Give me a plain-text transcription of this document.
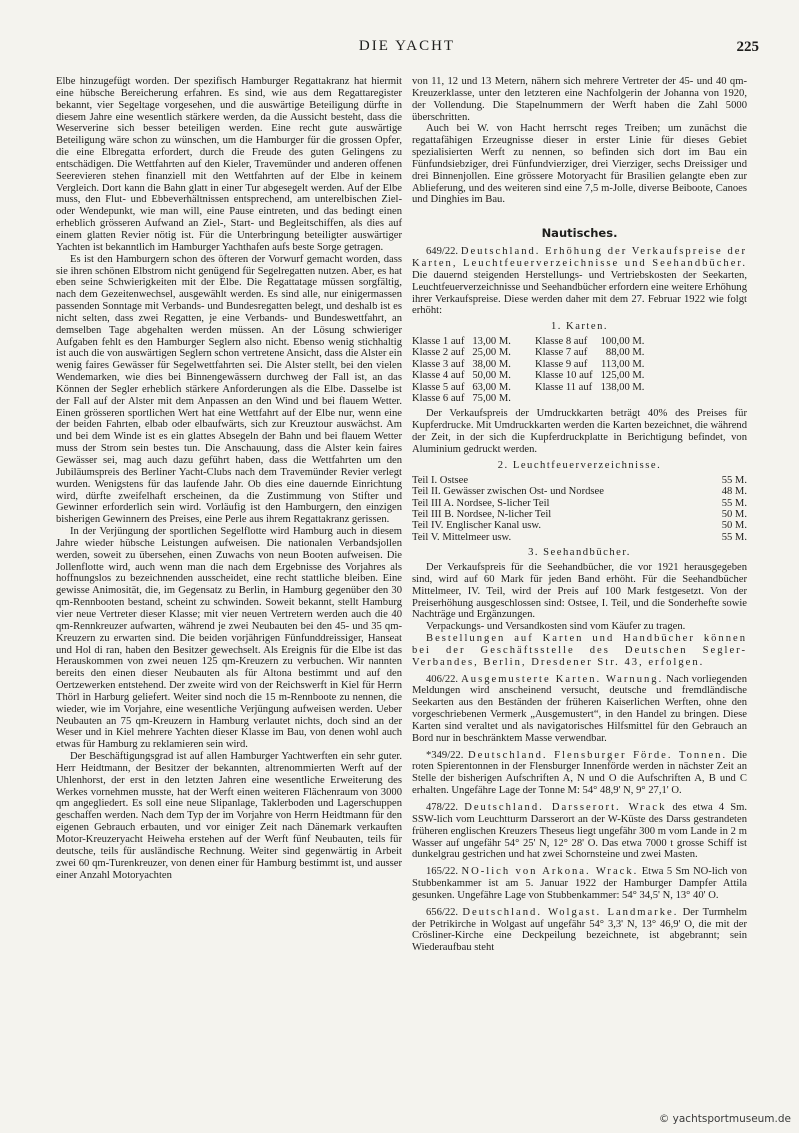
DIE YACHT	225

Elbe hinzugefügt worden. Der spezifisch Hamburger Regattakranz hat hiermit eine hübsche Bereicherung erfahren. Es sind, wie aus dem Regattaregister bekannt, vier Segeltage vorgesehen, und die auswärtige Beteiligung dürfte in diesem Jahre eine wesentlich stärkere werden, da die Aussicht besteht, dass die Weserverine sich besser beteiligen werden. Eine recht gute auswärtige Beteiligung wäre schon zu wünschen, um die Hamburger für die grossen Opfer, die eine Elbregatta erfordert, durch die Freude des guten Gelingens zu entschädigen. Die Wettfahrten auf den Kieler, Travemünder und anderen offenen Seerevieren stehen finanziell mit den Wettfahrten auf der Elbe in keinem Vergleich. Dort kann die Bahn glatt in einer Tur abgesegelt werden. Auf der Elbe muss, den Flut- und Ebbeverhältnissen entsprechend, am unterelbischen Ziel- oder Wendepunkt, wie man will, eine Pause eintreten, und das bedingt einen erheblich grösseren Aufwand an Ziel-, Start- und Begleitschiffen, als dies auf einem glatten Revier nötig ist. Für die Unterbringung beteiligter auswärtiger Yachten ist bekanntlich im Hamburger Yachthafen aufs beste Sorge getragen.

Es ist den Hamburgern schon des öfteren der Vorwurf gemacht worden, dass sie ihren schönen Elbstrom nicht genügend für Segelregatten nutzen. Aber, es hat eben seine Schwierigkeiten mit der Elbe. Die Regattatage müssen sorgfältig, nach dem Gezeitenwechsel, ausgewählt werden. Es sind alle, nur einigermassen passenden Sonntage mit Verbands- und Bundesregatten belegt, und deshalb ist es nicht selten, dass zwei Regatten, je eine Verbands- und Bundeswettfahrt, an demselben Tage abgehalten werden müssen. An der Lösung schwieriger Aufgaben fehlt es den Hamburger Seglern also nicht. Ebenso wenig stichhaltig ist auch die von auswärtigen Seglern schon vertretene Ansicht, dass die Alster ein wenig faires Gewässer für Segelwettfahrten sei. Die Alster stellt, bei den vielen Wendemarken, wie dies bei Binnengewässern durchweg der Fall ist, an das Können der Segler erheblich stärkere Anforderungen als die Elbe. Dasselbe ist der Fall auf der Alster mit dem Anpassen an den Wind und bei flauem Wetter. Einen grösseren sportlichen Wert hat eine Wettfahrt auf der Elbe nur, wenn eine der beiden Fahrten, elbab oder elbaufwärts, sich zur Kreuztour auswächst. Am und bei dem Winde ist es ein glattes Absegeln der Bahn und bei flauem Wetter muss der Strom sein bestes tun. Die Anschauung, dass die Alster kein faires Gewässer sei, mag auch dazu geführt haben, dass die Wettfahrten um den Jubiläumspreis des Berliner Yacht-Clubs nach dem Travemünder Revier verlegt wurden. Wenigstens für das laufende Jahr. Ob dies eine dauernde Einrichtung wird, dürfte zweifelhaft erscheinen, da die Zustimmung von Stifter und Gewinner erforderlich sein wird. Vorläufig ist den Hamburgern, den einzigen bisherigen Gewinnern des Preises, eine Perle aus ihrem Regattakranz gerissen.

In der Verjüngung der sportlichen Segelflotte wird Hamburg auch in diesem Jahre wieder hübsche Leistungen aufweisen. Die nationalen Verbandsjollen werden, soweit zu übersehen, einen Zuwachs von neun Booten aufweisen. Die Jollenflotte wird, auch wenn man die nach dem Ergebnisse des Vorjahres als hoffnungslos zu bezeichnenden ausscheidet, eine recht stattliche bleiben. Eine gewisse Animosität, die, im Gegensatz zu Berlin, in Hamburg gegenüber den 30 qm-Rennbooten bestand, scheint zu schwinden. Soweit bekannt, stellt Hamburg vier neue Vertreter dieser Klasse; mit vier neuen Vertretern werden auch die 40 qm-Rennkreuzer aufwarten, während je zwei Neubauten bei den 45- und 35 qm-Kreuzern zu erwarten sind. Die beiden vorjährigen Fünfunddreissiger, Hanseat und Hol di ran, haben den Besitzer gewechselt. Als Ereignis für die Elbe ist das Herauskommen von zwei neuen 125 qm-Kreuzern zu verbuchen. Wir nannten bereits den einen dieser Neubauten als für Altona bestimmt und auf den Oertzewerken entstehend. Der zweite wird von der Reichswerft in Kiel für Herrn Thörl in Harburg geliefert. Weiter sind noch die 15 m-Rennboote zu nennen, die wieder, wie im Vorjahre, eine wesentliche Verjüngung aufweisen werden. Ueber Neubauten an 75 qm-Kreuzern in Hamburg verlautet nichts, doch sind an der Weser und in Kiel mehrere Yachten dieser Klasse im Bau, von denen wohl auch etwas für Hamburg zu reklamieren sein wird.

Der Beschäftigungsgrad ist auf allen Hamburger Yachtwerften ein sehr guter. Herr Heidtmann, der Besitzer der bekannten, altrenommierten Werft auf der Uhlenhorst, der erst in den letzten Jahren eine wesentliche Erweiterung des Werkes vornehmen musste, hat der Werft einen weiteren Flächenraum von 3000 qm angegliedert. Es soll eine neue Slipanlage, Taklerboden und Lagerschuppen geschaffen werden. Nach dem Typ der im Vorjahre von Herrn Heidtmann für den eigenen Gebrauch erbauten, und vor einiger Zeit nach Dänemark verkauften Motor-Kreuzeryacht Heiweha erstehen auf der Werft fünf Neubauten, teils für deutsche, teils für ausländische Rechnung. Weiter sind gegenwärtig in Arbeit zwei 60 qm-Turenkreuzer, von denen einer für Hamburg bestimmt ist, und ausser einer Anzahl Motoryachten

von 11, 12 und 13 Metern, nähern sich mehrere Vertreter der 45- und 40 qm-Kreuzerklasse, unter den letzteren eine Nachfolgerin der Johanna von 1920, der Vollendung. Die Stapelnummern der Werft haben die Zahl 5000 überschritten.

Auch bei W. von Hacht herrscht reges Treiben; um zunächst die regattafähigen Erzeugnisse dieser in erster Linie für dieses Gebiet spezialisierten Werft zu nennen, so befinden sich dort im Bau ein Fünfundsiebziger, drei Fünfundvierziger, drei Vierziger, sechs Dreissiger und drei Binnenjollen. Eine grössere Motoryacht für Brasilien gelangte eben zur Ablieferung, und des weiteren sind eine 7,5 m-Jolle, diverse Beiboote, Canoes und Dinghies im Bau.

Nautisches.

649/22. Deutschland. Erhöhung der Verkaufspreise der Karten, Leuchtfeuerverzeichnisse und Seehandbücher. Die dauernd steigenden Herstellungs- und Vertriebskosten der Seekarten, Leuchtfeuerverzeichnisse und Seehandbücher erfordern eine weitere Erhöhung ihrer Verkaufspreise. Diese werden daher mit dem 27. Februar 1922 wie folgt erhöht:

1. Karten.
Klasse 1 auf	13,00 M.	Klasse 8 auf	100,00 M.
Klasse 2 auf	25,00 M.	Klasse 7 auf	88,00 M.
Klasse 3 auf	38,00 M.	Klasse 9 auf	113,00 M.
Klasse 4 auf	50,00 M.	Klasse 10 auf	125,00 M.
Klasse 5 auf	63,00 M.	Klasse 11 auf	138,00 M.
Klasse 6 auf	75,00 M.		

Der Verkaufspreis der Umdruckkarten beträgt 40% des Preises für Kupferdrucke. Mit Umdruckkarten werden die Karten bezeichnet, die während der Zeit, in der sich die Kupferdruckplatte in Berichtigung befindet, von Aluminium gedruckt werden.

2. Leuchtfeuerverzeichnisse.
Teil I. Ostsee	55 M.
Teil II. Gewässer zwischen Ost- und Nordsee	48 M.
Teil III A. Nordsee, S-licher Teil	55 M.
Teil III B. Nordsee, N-licher Teil	50 M.
Teil IV. Englischer Kanal usw.	50 M.
Teil V. Mittelmeer usw.	55 M.
3. Seehandbücher.

Der Verkaufspreis für die Seehandbücher, die vor 1921 herausgegeben sind, wird auf 60 Mark für jeden Band erhöht. Für die Seehandbücher Mittelmeer, IV. Teil, wird der Preis auf 100 Mark festgesetzt. Von der Preiserhöhung ausgeschlossen sind: Ostsee, I. Teil, und die Sonderhefte sowie Nachträge und Ergänzungen.

Verpackungs- und Versandkosten sind vom Käufer zu tragen.

Bestellungen auf Karten und Handbücher können bei der Geschäftsstelle des Deutschen Segler-Verbandes, Berlin, Dresdener Str. 43, erfolgen.

406/22. Ausgemusterte Karten. Warnung. Nach vorliegenden Meldungen wird anscheinend versucht, deutsche und fremdländische Seekarten aus den Beständen der früheren Kaiserlichen Werften, ohne den vorgeschriebenen Vermerk „Ausgemustert“, in den Handel zu bringen. Diese Karten sind veraltet und als navigatorisches Hilfsmittel für den Gebrauch an Bord nur in beschränktem Masse verwendbar.

*349/22. Deutschland. Flensburger Förde. Tonnen. Die roten Spierentonnen in der Flensburger Innenförde werden in nächster Zeit an Stelle der bisherigen Aufschriften A, N und O die Aufschriften A, B und C erhalten. Ungefähre Lage der Tonne M: 54° 48,9' N, 9° 27,1' O.

478/22. Deutschland. Darsserort. Wrack des etwa 4 Sm. SSW-lich vom Leuchtturm Darsserort an der W-Küste des Darss gestrandeten früheren englischen Kreuzers Theseus liegt ungefähr 300 m vom Lande in 2 m Wasser auf ungefähr 54° 25' N, 12° 28' O. Das etwa 7000 t grosse Schiff ist dunkelgrau gestrichen und hat zwei Schornsteine und zwei Masten.

165/22. NO-lich von Arkona. Wrack. Etwa 5 Sm NO-lich von Stubbenkammer ist am 5. Januar 1922 der Hamburger Dampfer Attila gesunken. Ungefähre Lage von Stubbenkammer: 54° 34,5' N, 13° 40' O.

656/22. Deutschland. Wolgast. Landmarke. Der Turmhelm der Petrikirche in Wolgast auf ungefähr 54° 3,3' N, 13° 46,9' O, die mit der Crösliner-Kirche eine Deckpeilung bezeichnete, ist abgebrannt; sein Wiederaufbau steht

© yachtsportmuseum.de
